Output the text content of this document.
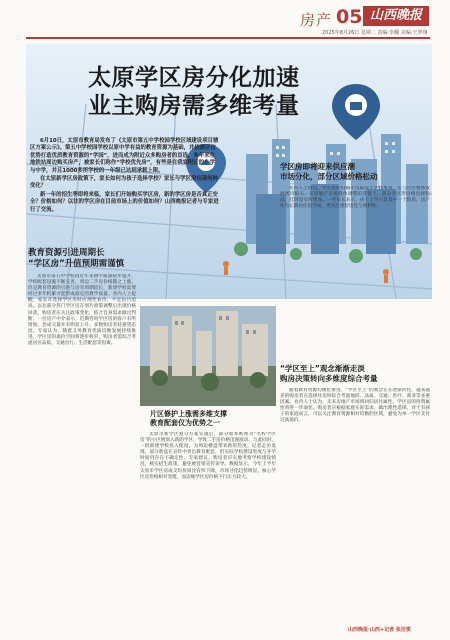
房产 05 山西晚报
2025年8月26日 星期二 责编:李翻 美编:王翠翔
太原学区房分化加速
业主购房需多维考量

6月10日，太原市教育局发布了《太原市第五中学校园学校区域建设项目辖区方案公示》。第五中学校园学校以原中学有益的教育资源为基础，并依据区位优势打造优质教育资源的“学园”，进而成为附近众多购房者的首选。多年来在地铁站周边购买房产，被家长们称作“学校优先房”，有些是在我家附近的小学与中学，并且1000多所学校的一年级已达到承载上限。

在太原新学区房政策下，家长如何为孩子选择学校？家长与学区房出现何种变化？

新一年的招生季即将来临，家长们开始购买学区房，新的学区房是否真正安全？价格如何？以往的学区房在目前市场上的价值如何？山西晚报记者与专家进行了交流。

教育资源引进周期长
“学区房”升值预期需谨慎
学区房即将迎来供应潮
市场分化，部分区域价格松动

太原市第五中学校园近年来教学质量稳步提升，学校配套设施不断完善，周边二手房价格随之上涨，但是教育资源的引进与培育周期较长，新建学校需要经过多年积累才能形成稳定的教学质量。业内人士提醒，家长在选择学区房时应理性看待，不宜盲目追高。以往部分热门学区房在划片政策调整后出现价格回落，购房者应关注政策变化，结合自身需求做出判断。一位房产中介表示，近期咨询学区房的客户有所增加，但成交量并未明显上升，多数购房者持观望态度。专家认为，随着义务教育优质均衡发展持续推进，学区房的溢价空间将逐步收窄，购房者需综合考虑居住品质、交通出行、生活配套等因素。

业内人士指出，学区房的价值不仅取决于学校本身，还与片区整体发展密切相关。在房地产市场整体调整的背景下，部分学区房价格出现松动，挂牌量有所增加。一些家长表示，孩子上学只是其中一个阶段，房产作为长期居住的空间，更应注重舒适性与便利性。

片区修护上涨需多维支撑
教育配套仅为优势之一

太原市新学区划分方案实施后，部分原本被视为“名校学区房”的小区被划入新的学区，导致二手房价格出现波动。与此同时，一批新建学校投入使用，为周边楼盘带来新的热度。记者走访发现，部分新盘在宣传中突出教育配套，但实际学校建设进度与开学时间仍存在不确定性。专家建议，购房者应实地考察学校建设情况，核实招生政策，避免被营销宣传误导。数据显示，今年上半年太原市学区房成交均价同比有所下降，市场分化趋势明显，核心学区房价格相对坚挺，而边缘学区房价格下行压力较大。

“学区至上”观念渐渐走淡
购房决策转向多维度综合考量

随着教育资源均衡化推进，“学区至上”的观念正在逐渐淡化。越来越多的购房者在选择住房时综合考量地段、品质、交通、医疗、商业等多重因素。业内人士认为，未来房地产市场将回归居住属性，学区房的投资属性将进一步弱化。购房者应根据家庭实际需求，做出理性选择。对于有孩子的家庭而言，可以关注教育资源相对均衡的区域，避免为单一学区支付过高溢价。

山西晚报·山西+记者 张洁雯
